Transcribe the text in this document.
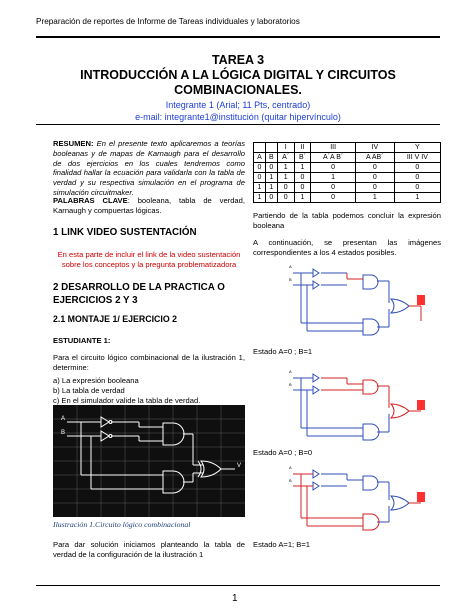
Preparación de reportes de Informe de Tareas individuales y laboratorios
TAREA 3
INTRODUCCIÓN A LA LÓGICA DIGITAL Y CIRCUITOS
COMBINACIONALES.
Integrante 1 (Arial; 11 Pts, centrado)
e-mail: integrante1@institución (quitar hipervínculo)
RESUMEN: En el presente texto aplicaremos a teorías booleanas y de mapas de Karnaugh para el desarrollo de dos ejercicios en los cuales tendremos como finalidad hallar la ecuación para validarla con la tabla de verdad y su respectiva simulación en el programa de simulación circuitmaker.
PALABRAS CLAVE: booleana, tabla de verdad, Karnaugh y compuertas lógicas.
1 LINK VIDEO SUSTENTACIÓN
En esta parte de incluir el link de la video sustentación sobre los conceptos y la pregunta problematizadora
2 DESARROLLO DE LA PRACTICA O EJERCICIOS 2 Y 3
2.1 MONTAJE 1/ EJERCICIO 2
ESTUDIANTE 1:
Para el circuito lógico combinacional de la ilustración 1, determine:
a) La expresión booleana
b) La tabla de verdad
c) En el simulador valide la tabla de verdad.
A
B
V
Ilustración 1.Circuito lógico combinacional
Para dar solución iniciamos planteando la tabla de verdad de la configuración de la ilustración 1
		I	II	III	IV	Y
A	B	A´	B´	A´A B´	A AB´	III V IV
0	0	1	1	0	0	0
0	1	1	0	1	0	0
1	1	0	0	0	0	0
1	0	0	1	0	1	1
Partiendo de la tabla podemos concluir la expresión booleana
A continuación, se presentan las imágenes correspondientes a los 4 estados posibles.
A
B
Estado A=0 ; B=1
A
B
Estado A=0 ; B=0
A
B
Estado A=1; B=1
1
